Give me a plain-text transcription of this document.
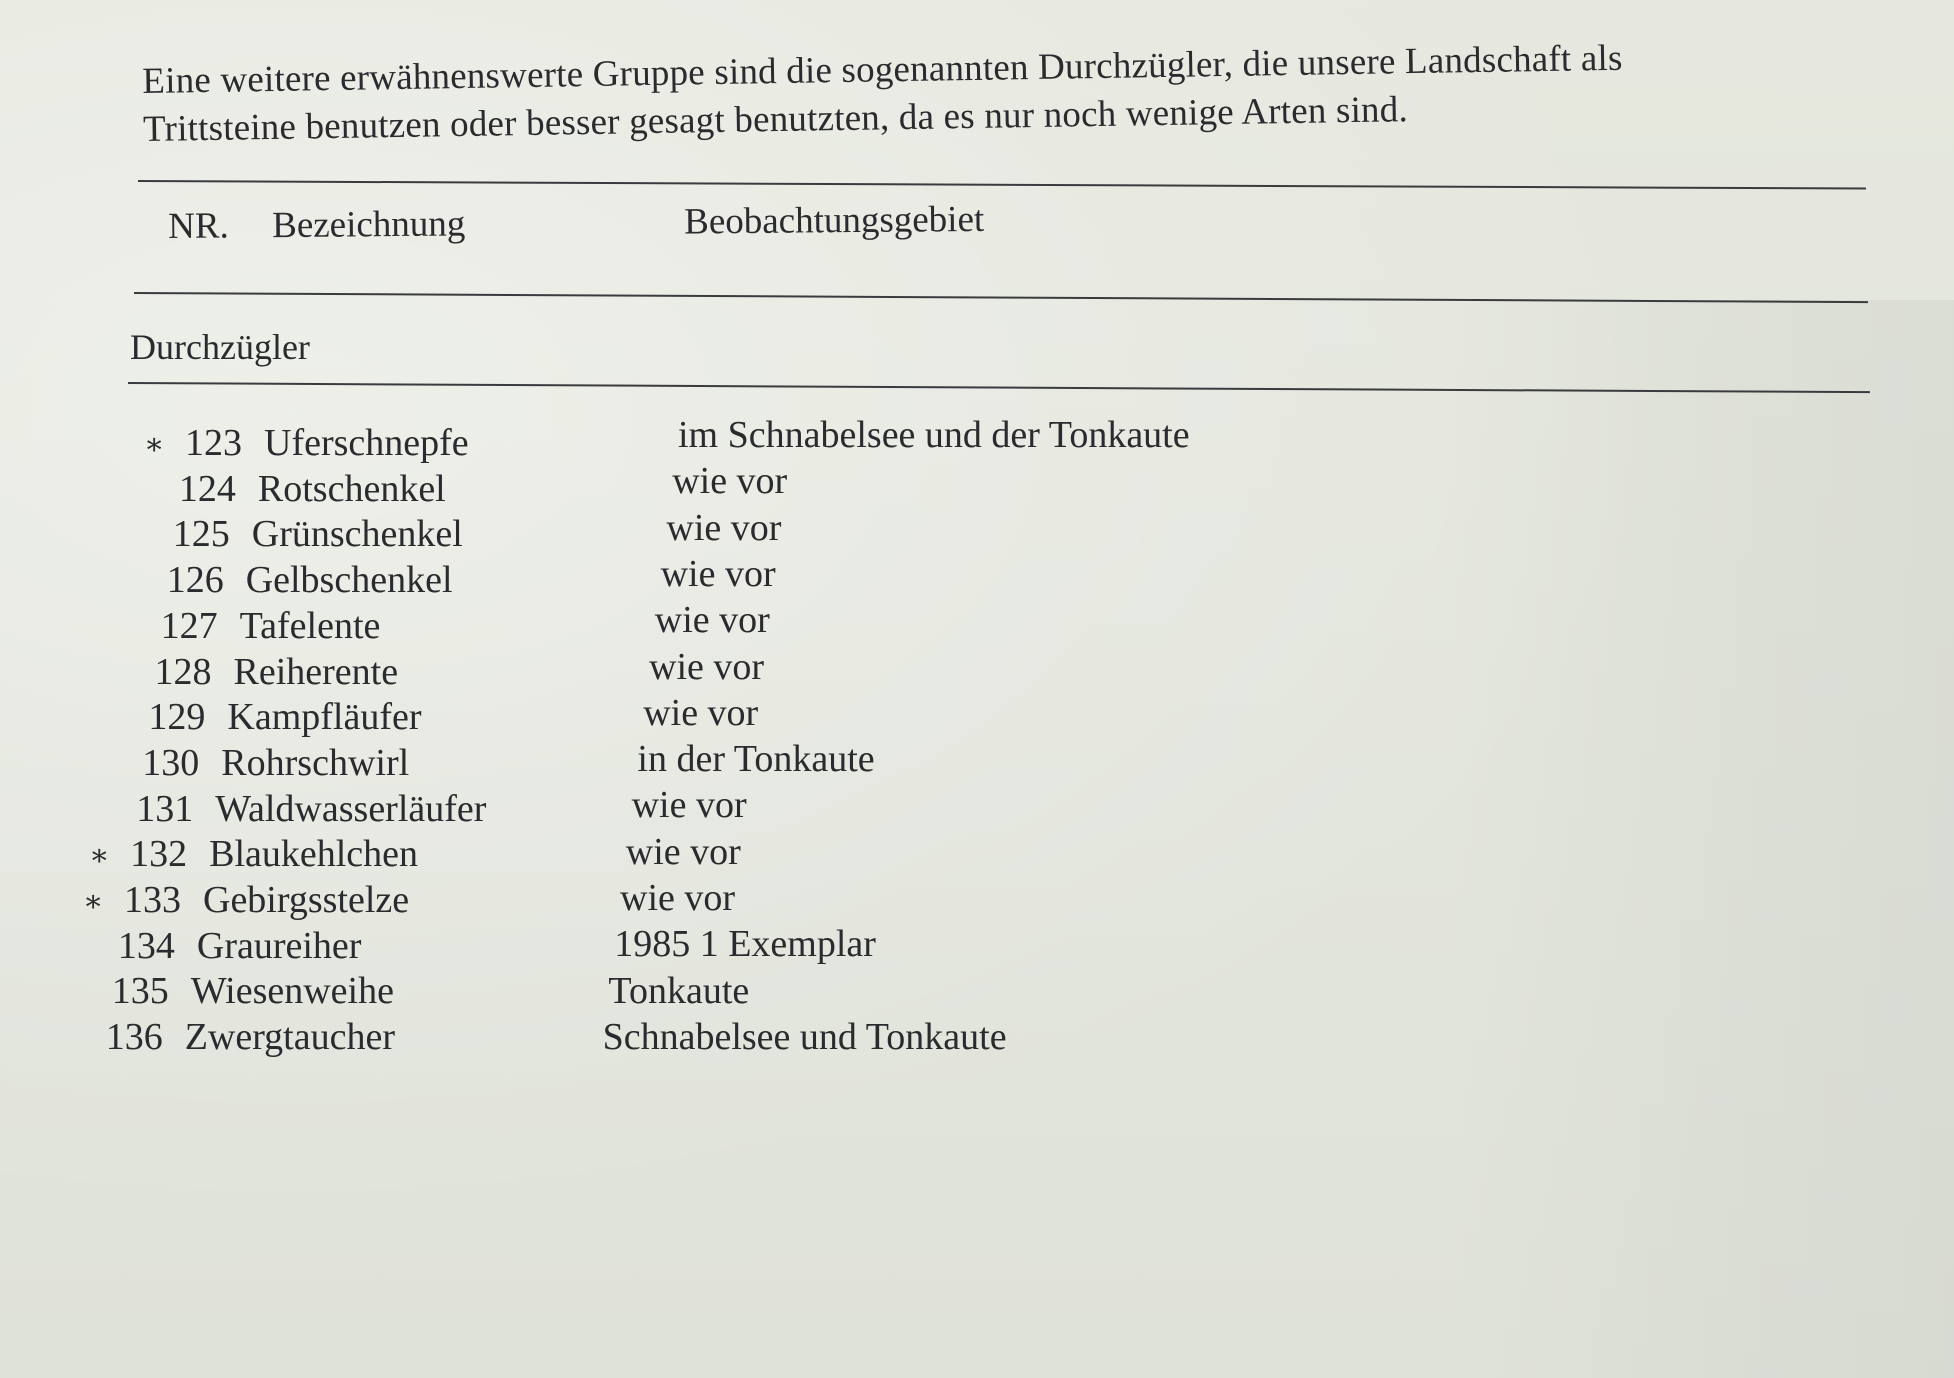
Eine weitere erwähnenswerte Gruppe sind die sogenannten Durchzügler, die unsere Landschaft als

Trittsteine benutzen oder besser gesagt benutzten, da es nur noch wenige Arten sind.

NR. Bezeichnung	Beobachtungsgebiet
Durchzügler
∗ 123 Uferschnepfe	im Schnabelsee und der Tonkaute
124 Rotschenkel	wie vor
125 Grünschenkel	wie vor
126 Gelbschenkel	wie vor
127 Tafelente	wie vor
128 Reiherente	wie vor
129 Kampfläufer	wie vor
130 Rohrschwirl	in der Tonkaute
131 Waldwasserläufer	wie vor
∗ 132 Blaukehlchen	wie vor
∗ 133 Gebirgsstelze	wie vor
134 Graureiher	1985 1 Exemplar
135 Wiesenweihe	Tonkaute
136 Zwergtaucher	Schnabelsee und Tonkaute
